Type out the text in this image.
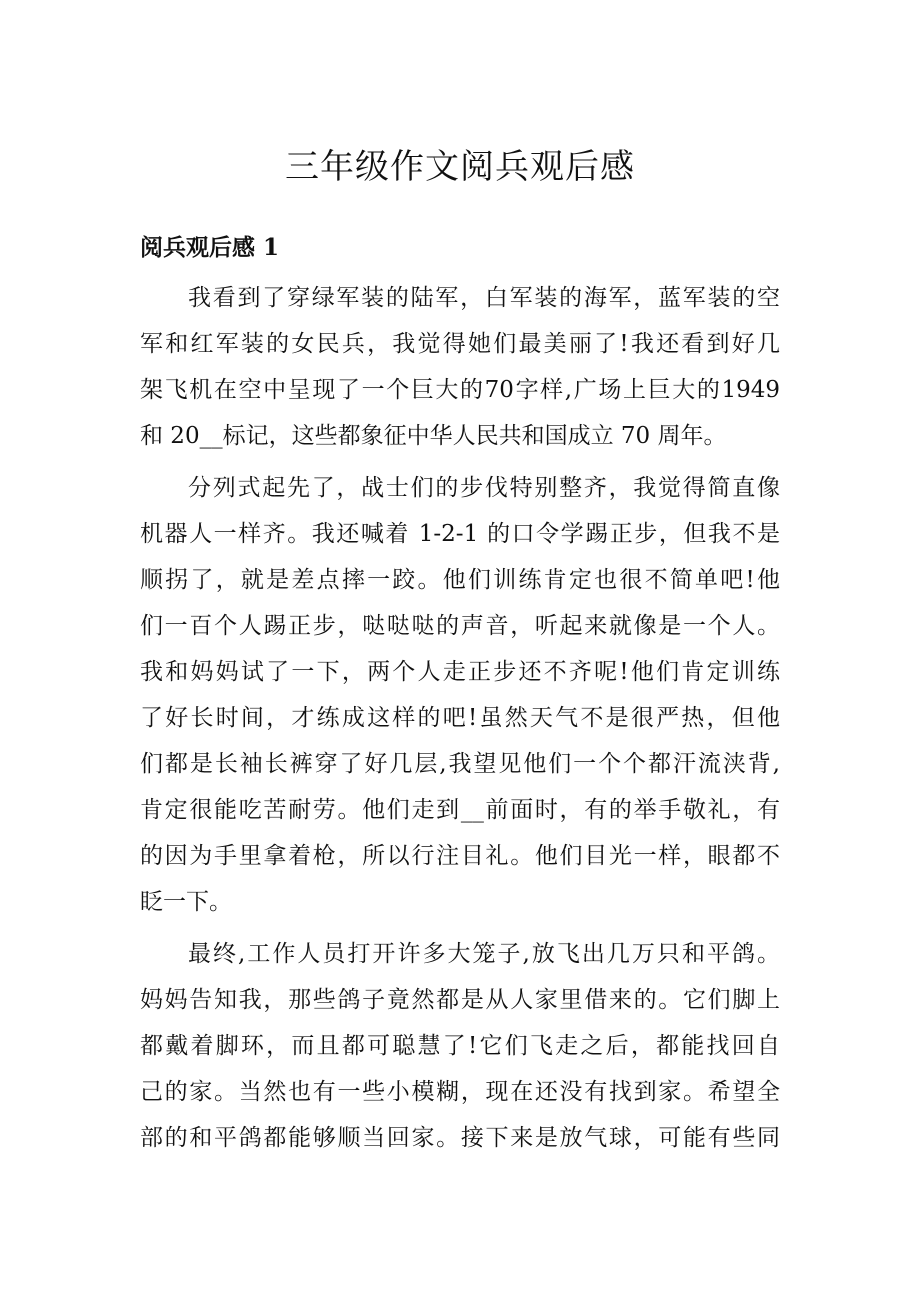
三年级作文阅兵观后感
阅兵观后感 1

我看到了穿绿军装的陆军，白军装的海军，蓝军装的空

军和红军装的女民兵，我觉得她们最美丽了!我还看到好几

架飞机在空中呈现了一个巨大的70字样,广场上巨大的1949

和 20__标记，这些都象征中华人民共和国成立 70 周年。

分列式起先了，战士们的步伐特别整齐，我觉得简直像

机器人一样齐。我还喊着 1-2-1 的口令学踢正步，但我不是

顺拐了，就是差点摔一跤。他们训练肯定也很不简单吧!他

们一百个人踢正步，哒哒哒的声音，听起来就像是一个人。

我和妈妈试了一下，两个人走正步还不齐呢!他们肯定训练

了好长时间，才练成这样的吧!虽然天气不是很严热，但他

们都是长袖长裤穿了好几层,我望见他们一个个都汗流浃背,

肯定很能吃苦耐劳。他们走到__前面时，有的举手敬礼，有

的因为手里拿着枪，所以行注目礼。他们目光一样，眼都不

眨一下。

最终,工作人员打开许多大笼子,放飞出几万只和平鸽。

妈妈告知我，那些鸽子竟然都是从人家里借来的。它们脚上

都戴着脚环，而且都可聪慧了!它们飞走之后，都能找回自

己的家。当然也有一些小模糊，现在还没有找到家。希望全

部的和平鸽都能够顺当回家。接下来是放气球，可能有些同
